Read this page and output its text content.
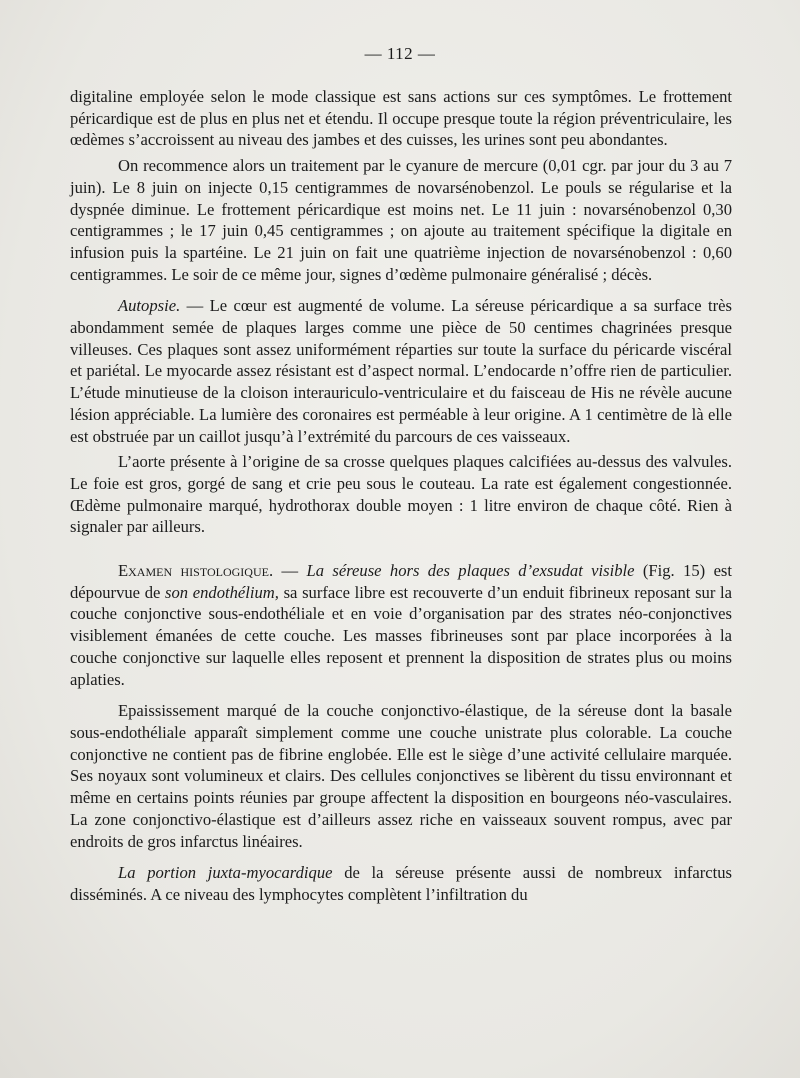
— 112 —

digitaline employée selon le mode classique est sans actions sur ces symptômes. Le frottement péricardique est de plus en plus net et étendu. Il occupe presque toute la région préventriculaire, les œdèmes s’accroissent au niveau des jambes et des cuisses, les urines sont peu abondantes.

On recommence alors un traitement par le cyanure de mercure (0,01 cgr. par jour du 3 au 7 juin). Le 8 juin on injecte 0,15 centigrammes de novarsénobenzol. Le pouls se régularise et la dyspnée diminue. Le frottement péricardique est moins net. Le 11 juin : novarsénobenzol 0,30 centigrammes ; le 17 juin 0,45 centigrammes ; on ajoute au traitement spécifique la digitale en infusion puis la spartéine. Le 21 juin on fait une quatrième injection de novarsénobenzol : 0,60 centigrammes. Le soir de ce même jour, signes d’œdème pulmonaire généralisé ; décès.

Autopsie. — Le cœur est augmenté de volume. La séreuse péricardique a sa surface très abondamment semée de plaques larges comme une pièce de 50 centimes chagrinées presque villeuses. Ces plaques sont assez uniformément réparties sur toute la surface du péricarde viscéral et pariétal. Le myocarde assez résistant est d’aspect normal. L’endocarde n’offre rien de particulier. L’étude minutieuse de la cloison interauriculo-ventriculaire et du faisceau de His ne révèle aucune lésion appréciable. La lumière des coronaires est perméable à leur origine. A 1 centimètre de là elle est obstruée par un caillot jusqu’à l’extrémité du parcours de ces vaisseaux.

L’aorte présente à l’origine de sa crosse quelques plaques calcifiées au-dessus des valvules. Le foie est gros, gorgé de sang et crie peu sous le couteau. La rate est également congestionnée. Œdème pulmonaire marqué, hydrothorax double moyen : 1 litre environ de chaque côté. Rien à signaler par ailleurs.

Examen histologique. — La séreuse hors des plaques d’exsudat visible (Fig. 15) est dépourvue de son endothélium, sa surface libre est recouverte d’un enduit fibrineux reposant sur la couche conjonctive sous-endothéliale et en voie d’organisation par des strates néo-conjonctives visiblement émanées de cette couche. Les masses fibrineuses sont par place incorporées à la couche conjonctive sur laquelle elles reposent et prennent la disposition de strates plus ou moins aplaties.

Epaississement marqué de la couche conjonctivo-élastique, de la séreuse dont la basale sous-endothéliale apparaît simplement comme une couche unistrate plus colorable. La couche conjonctive ne contient pas de fibrine englobée. Elle est le siège d’une activité cellulaire marquée. Ses noyaux sont volumineux et clairs. Des cellules conjonctives se libèrent du tissu environnant et même en certains points réunies par groupe affectent la disposition en bourgeons néo-vasculaires. La zone conjonctivo-élastique est d’ailleurs assez riche en vaisseaux souvent rompus, avec par endroits de gros infarctus linéaires.

La portion juxta-myocardique de la séreuse présente aussi de nombreux infarctus disséminés. A ce niveau des lymphocytes complètent l’infiltration du
